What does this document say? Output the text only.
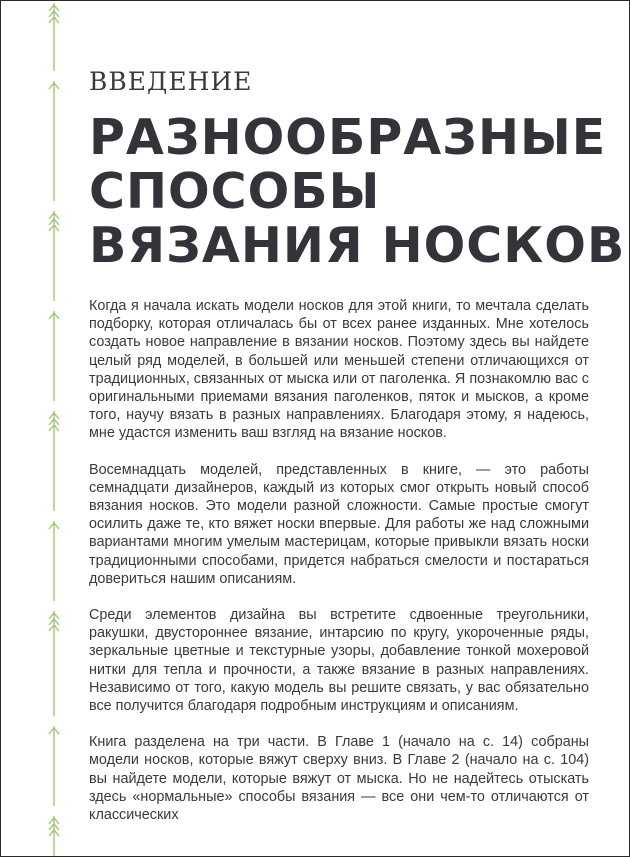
ВВЕДЕНИЕ
РАЗНООБРАЗНЫЕ
СПОСОБЫ
ВЯЗАНИЯ НОСКОВ

Когда я начала искать модели носков для этой книги, то мечтала сделать подборку, которая отличалась бы от всех ранее изданных. Мне хотелось создать новое направление в вязании носков. Поэтому здесь вы найдете целый ряд моделей, в большей или меньшей степени отличающихся от традиционных, связанных от мыска или от паголенка. Я познакомлю вас с оригинальными приемами вязания паголенков, пяток и мысков, а кроме того, научу вязать в разных направлениях. Благодаря этому, я надеюсь, мне удастся изменить ваш взгляд на вязание носков.

Восемнадцать моделей, представленных в книге, — это работы семнадцати дизайнеров, каждый из которых смог открыть новый способ вязания носков. Это модели разной сложности. Самые простые смогут осилить даже те, кто вяжет носки впервые. Для работы же над сложными вариантами многим умелым мастерицам, которые привыкли вязать носки традиционными способами, придется набраться смелости и постараться довериться нашим описаниям.

Среди элементов дизайна вы встретите сдвоенные треугольники, ракушки, двустороннее вязание, интарсию по кругу, укороченные ряды, зеркальные цветные и текстурные узоры, добавление тонкой мохеровой нитки для тепла и прочности, а также вязание в разных направлениях. Независимо от того, какую модель вы решите связать, у вас обязательно все получится благодаря подробным инструкциям и описаниям.

Книга разделена на три части. В Главе 1 (начало на с. 14) собраны модели носков, которые вяжут сверху вниз. В Главе 2 (начало на с. 104) вы найдете модели, которые вяжут от мыска. Но не надейтесь отыскать здесь «нормальные» способы вязания — все они чем-то отличаются от классических
